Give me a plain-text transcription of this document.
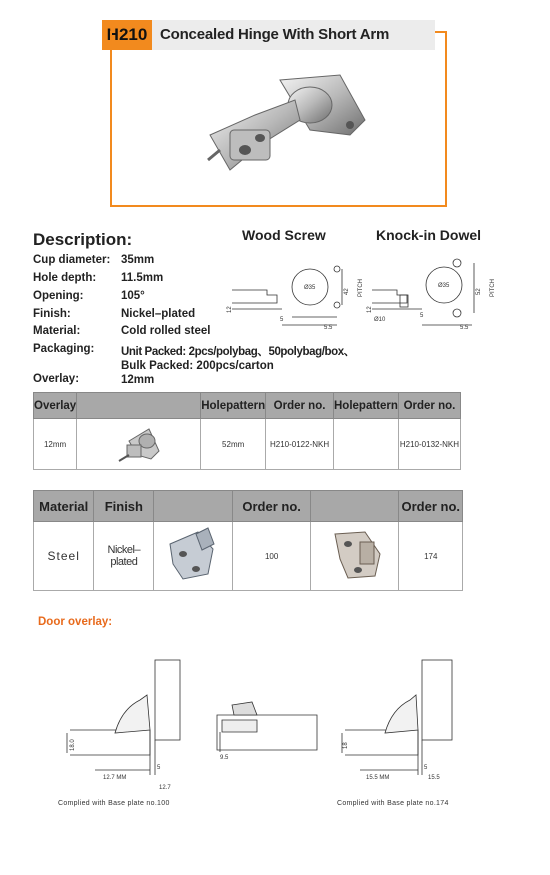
H210 Concealed Hinge With Short Arm
Description:
Cup diameter: 35mm
Hole depth: 11.5mm
Opening:	105°
Finish:	Nickel–plated
Material:	Cold rolled steel
Packaging: Unit Packed: 2pcs/polybag、50polybag/box、
Bulk Packed: 200pcs/carton
Overlay:	12mm
Wood Screw	Knock-in Dowel
12
5
5.5
Ø35
42 PITCH
12
Ø10
5
5.5
Ø35
52 PITCH
Overlay		Holepattern	Order no.	Holepattern	Order no.
12mm		52mm	H210-0122-NKH		H210-0132-NKH
Material	Finish		Order no.		Order no.
Steel	Nickel–plated		100		174
Door overlay:
18.0
12.7 MM
5
12.7
Complied with Base plate no.100
9.5
18
15.5 MM
5
15.5
Complied with Base plate no.174
